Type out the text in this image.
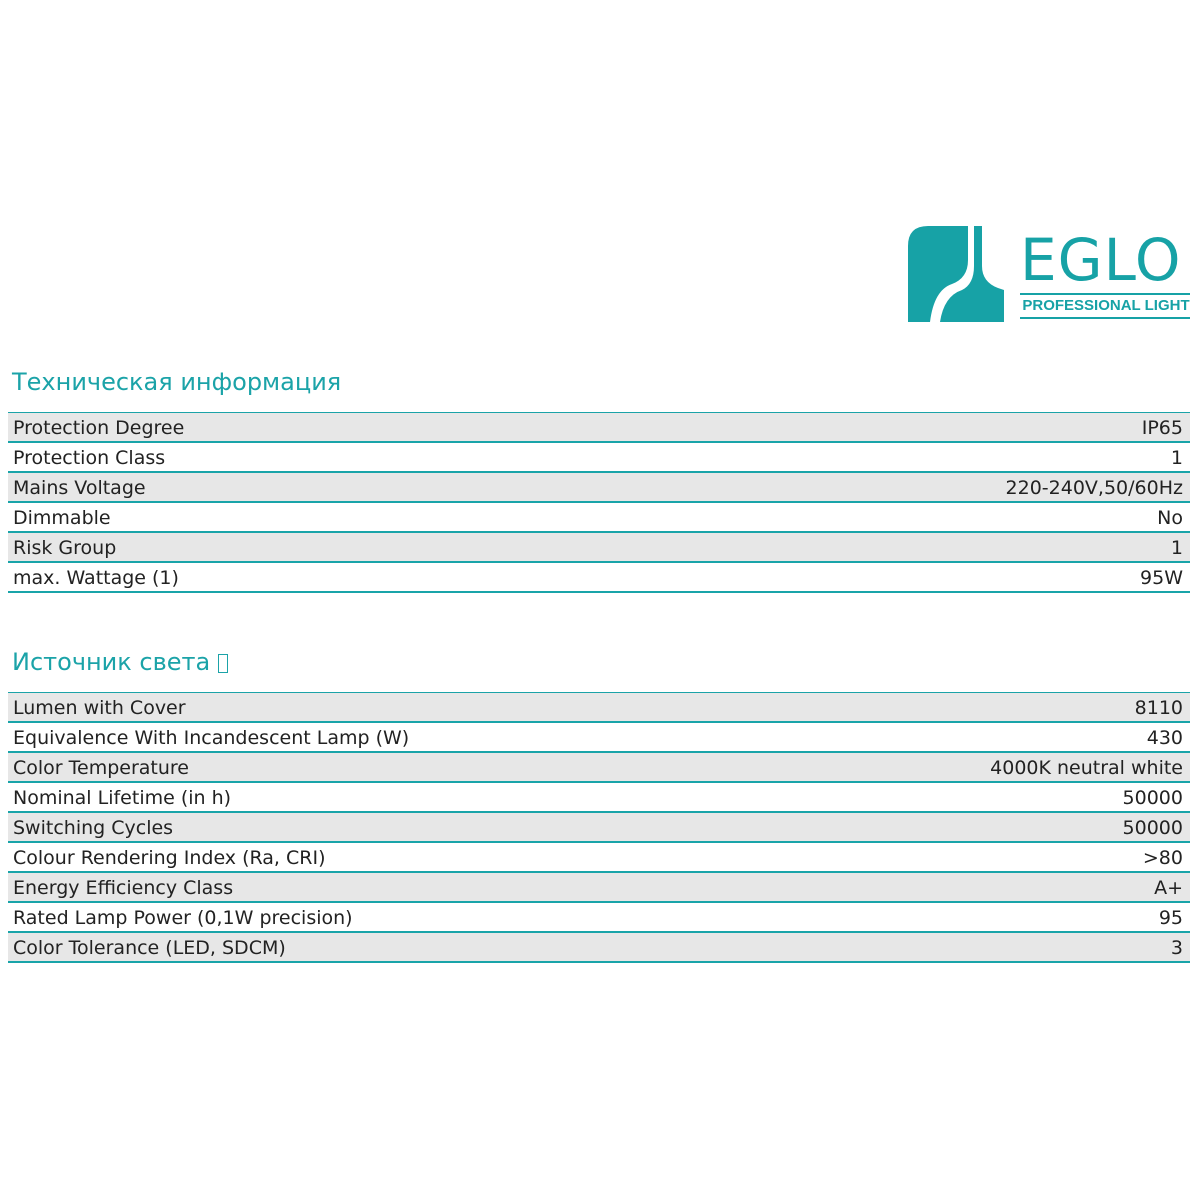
EGLO
PROFESSIONAL LIGHT
Техническая информация
Protection Degree	IP65
Protection Class	1
Mains Voltage	220-240V,50/60Hz
Dimmable	No
Risk Group	1
max. Wattage (1)	95W
Источник света
Lumen with Cover	8110
Equivalence With Incandescent Lamp (W)	430
Color Temperature	4000K neutral white
Nominal Lifetime (in h)	50000
Switching Cycles	50000
Colour Rendering Index (Ra, CRI)	>80
Energy Efficiency Class	A+
Rated Lamp Power (0,1W precision)	95
Color Tolerance (LED, SDCM)	3
